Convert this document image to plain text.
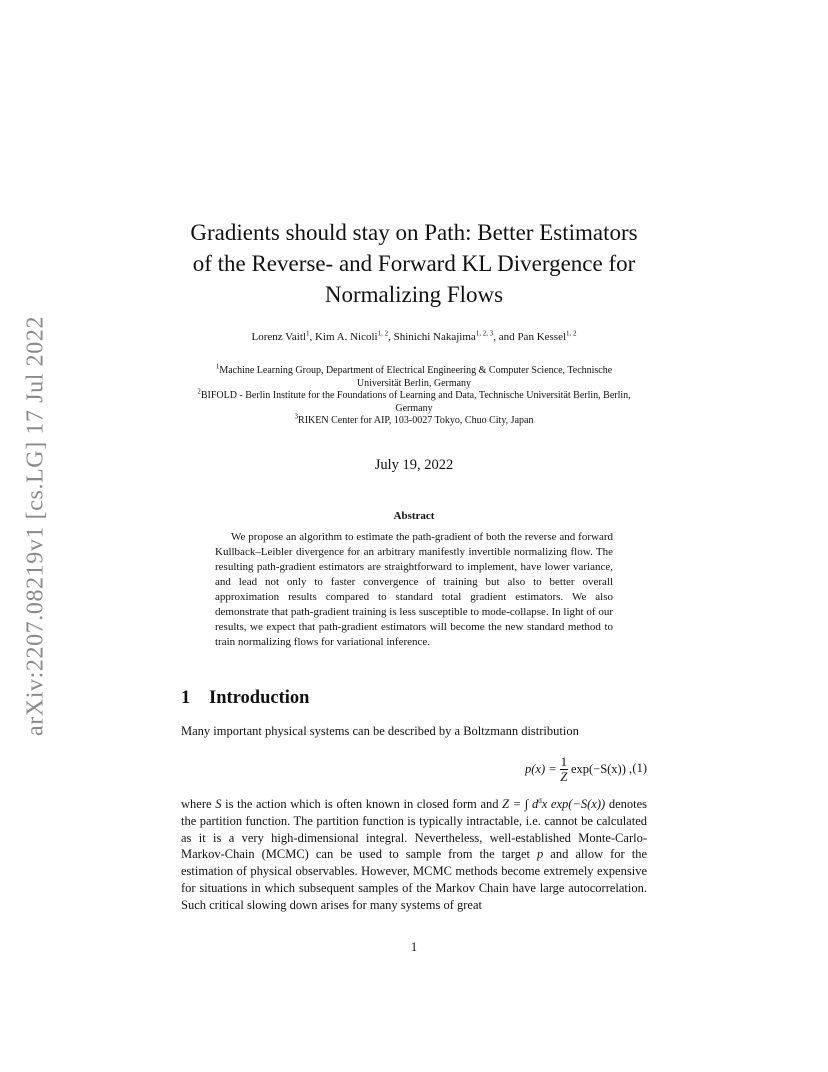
arXiv:2207.08219v1 [cs.LG] 17 Jul 2022
Gradients should stay on Path: Better Estimators
of the Reverse- and Forward KL Divergence for
Normalizing Flows
Lorenz Vaitl$^1$, Kim A. Nicoli$^{1, 2}$, Shinichi Nakajima$^{1, 2, 3}$, and Pan Kessel$^{1, 2}$
$^1$Machine Learning Group, Department of Electrical Engineering & Computer Science, Technische Universität Berlin, Germany
$^2$BIFOLD - Berlin Institute for the Foundations of Learning and Data, Technische Universität Berlin, Berlin, Germany
$^3$RIKEN Center for AIP, 103-0027 Tokyo, Chuo City, Japan
July 19, 2022
Abstract

We propose an algorithm to estimate the path-gradient of both the reverse and forward Kullback–Leibler divergence for an arbitrary manifestly invertible normalizing flow. The resulting path-gradient estimators are straightforward to implement, have lower variance, and lead not only to faster convergence of training but also to better overall approximation results compared to standard total gradient estimators. We also demonstrate that path-gradient training is less susceptible to mode-collapse. In light of our results, we expect that path-gradient estimators will become the new standard method to train normalizing flows for variational inference.

1 Introduction

Many important physical systems can be described by a Boltzmann distribution

$p(x) = \frac{1}{Z} \exp(-S(x))$ , (1)

where S is the action which is often known in closed form and Z = ∫ $d^dx$ exp(−S(x)) denotes the partition function. The partition function is typically intractable, i.e. cannot be calculated as it is a very high-dimensional integral. Nevertheless, well-established Monte-Carlo-Markov-Chain (MCMC) can be used to sample from the target p and allow for the estimation of physical observables. However, MCMC methods become extremely expensive for situations in which subsequent samples of the Markov Chain have large autocorrelation. Such critical slowing down arises for many systems of great

1
